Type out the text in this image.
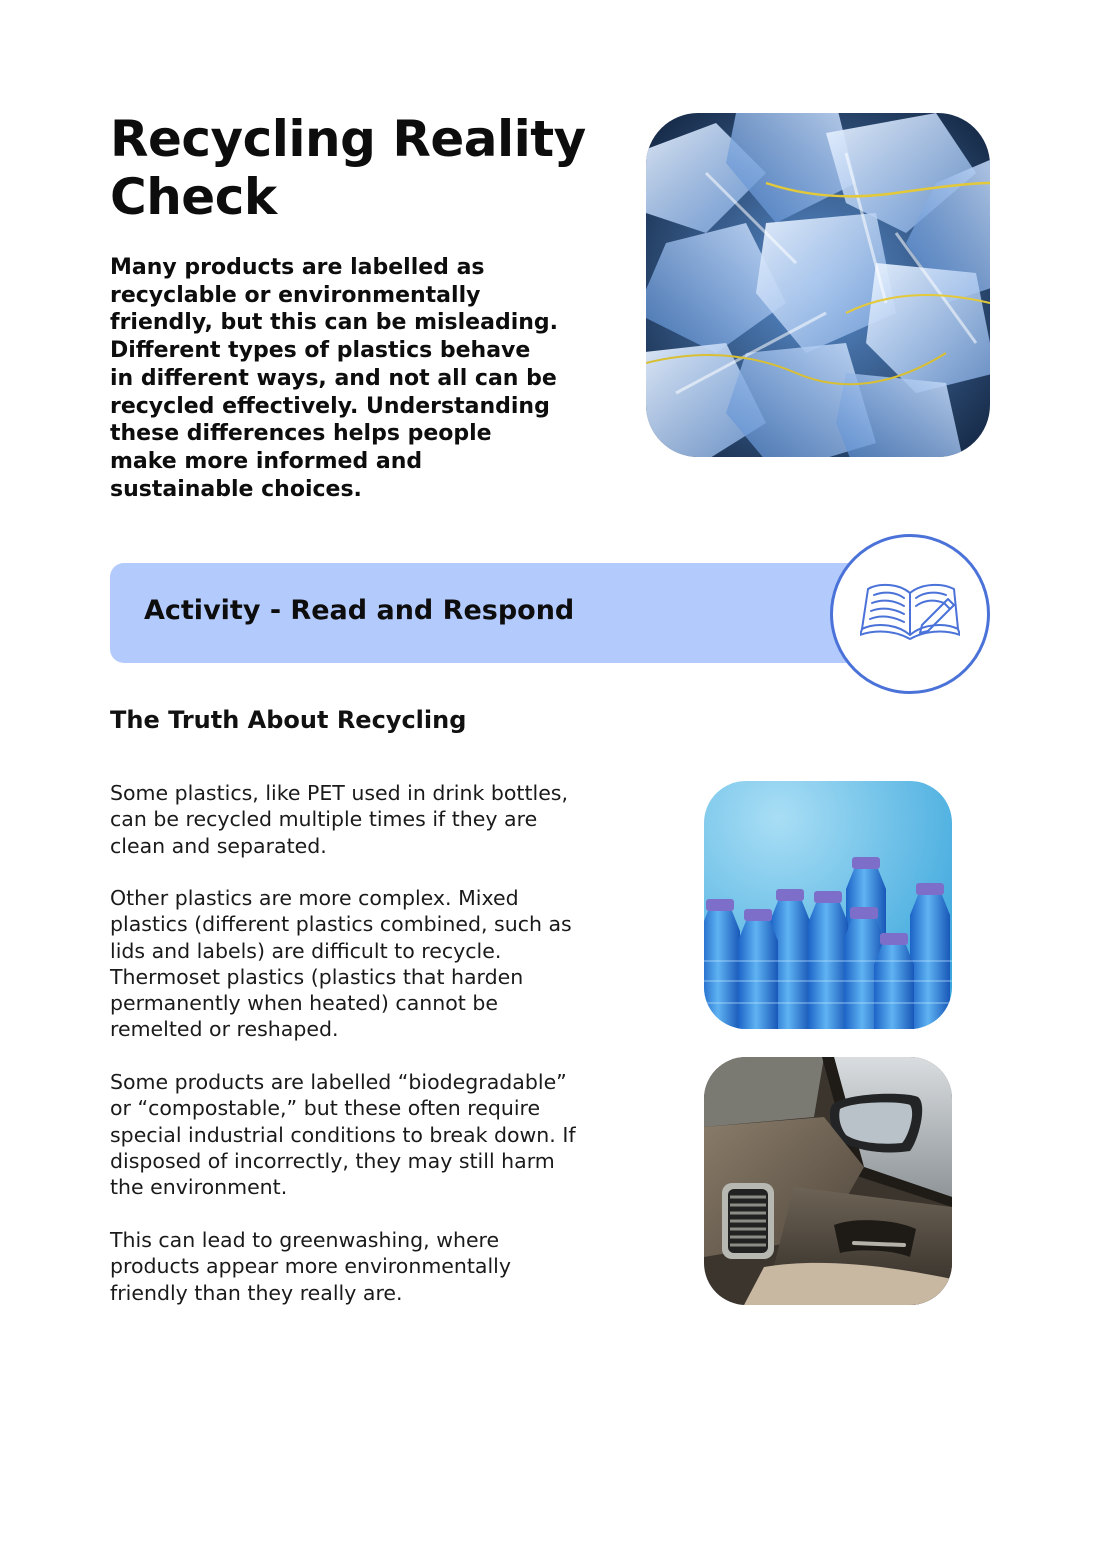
Recycling Reality Check

Many products are labelled as recyclable or environmentally friendly, but this can be misleading. Different types of plastics behave in different ways, and not all can be recycled effectively. Understanding these differences helps people make more informed and sustainable choices.

Activity - Read and Respond
The Truth About Recycling

Some plastics, like PET used in drink bottles, can be recycled multiple times if they are clean and separated.

Other plastics are more complex. Mixed plastics (different plastics combined, such as lids and labels) are difficult to recycle. Thermoset plastics (plastics that harden permanently when heated) cannot be remelted or reshaped.

Some products are labelled “biodegradable” or “compostable,” but these often require special industrial conditions to break down. If disposed of incorrectly, they may still harm the environment.

This can lead to greenwashing, where products appear more environmentally friendly than they really are.
